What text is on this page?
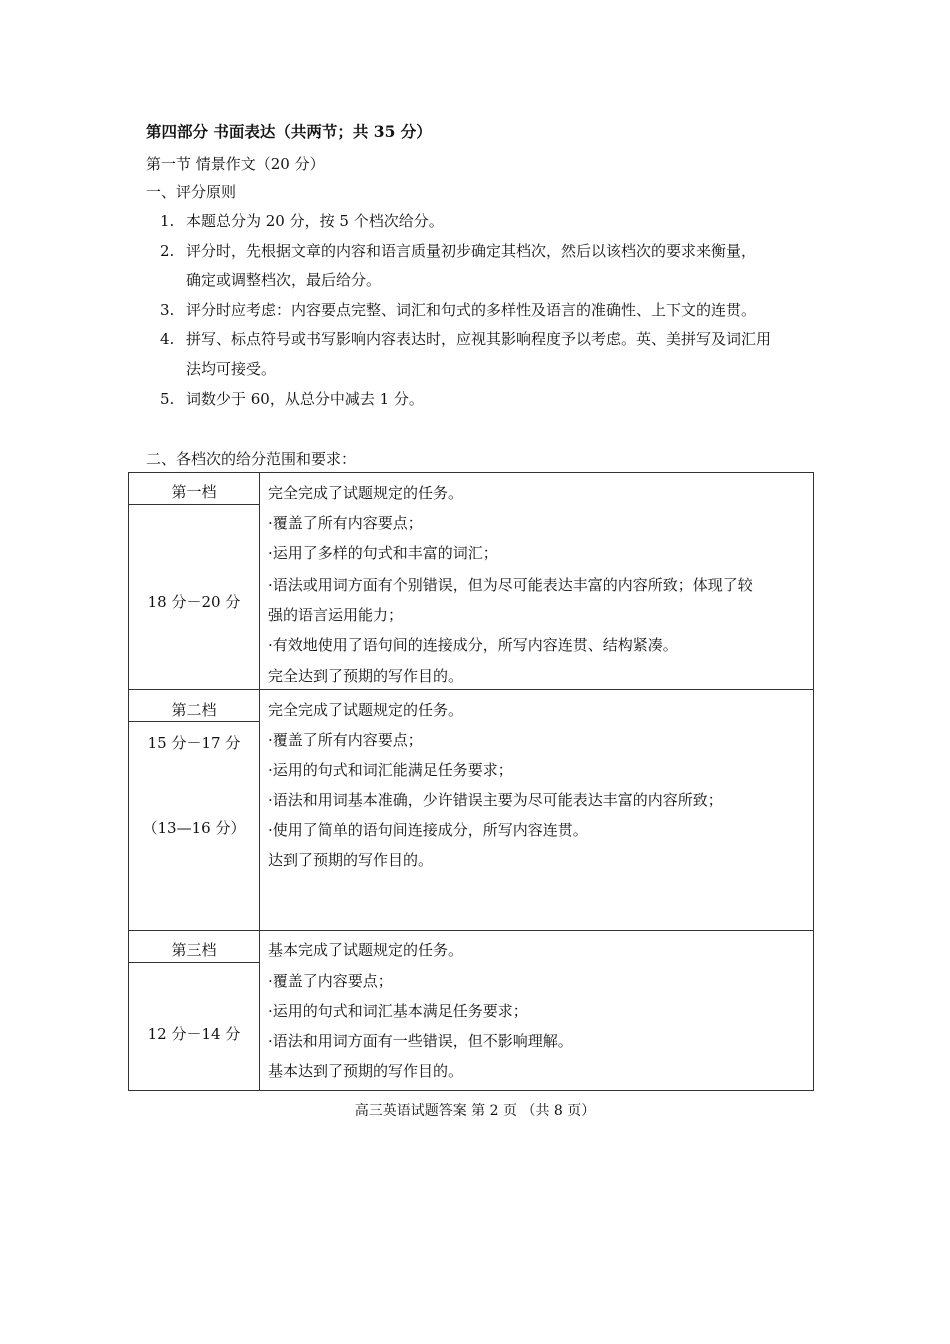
第四部分 书面表达（共两节；共 35 分）
第一节 情景作文（20 分）
一、评分原则
1. 本题总分为 20 分，按 5 个档次给分。
2. 评分时，先根据文章的内容和语言质量初步确定其档次，然后以该档次的要求来衡量，
确定或调整档次，最后给分。
3. 评分时应考虑：内容要点完整、词汇和句式的多样性及语言的准确性、上下文的连贯。
4. 拼写、标点符号或书写影响内容表达时，应视其影响程度予以考虑。英、美拼写及词汇用
法均可接受。
5. 词数少于 60，从总分中减去 1 分。
二、各档次的给分范围和要求：
第一档
18 分－20 分
完全完成了试题规定的任务。
·覆盖了所有内容要点；
·运用了多样的句式和丰富的词汇；
·语法或用词方面有个别错误，但为尽可能表达丰富的内容所致；体现了较
强的语言运用能力；
·有效地使用了语句间的连接成分，所写内容连贯、结构紧凑。
完全达到了预期的写作目的。
第二档
15 分－17 分
（13—16 分）
完全完成了试题规定的任务。
·覆盖了所有内容要点；
·运用的句式和词汇能满足任务要求；
·语法和用词基本准确，少许错误主要为尽可能表达丰富的内容所致；
·使用了简单的语句间连接成分，所写内容连贯。
达到了预期的写作目的。
第三档
12 分－14 分
基本完成了试题规定的任务。
·覆盖了内容要点；
·运用的句式和词汇基本满足任务要求；
·语法和用词方面有一些错误，但不影响理解。
基本达到了预期的写作目的。
高三英语试题答案 第 2 页 （共 8 页）
